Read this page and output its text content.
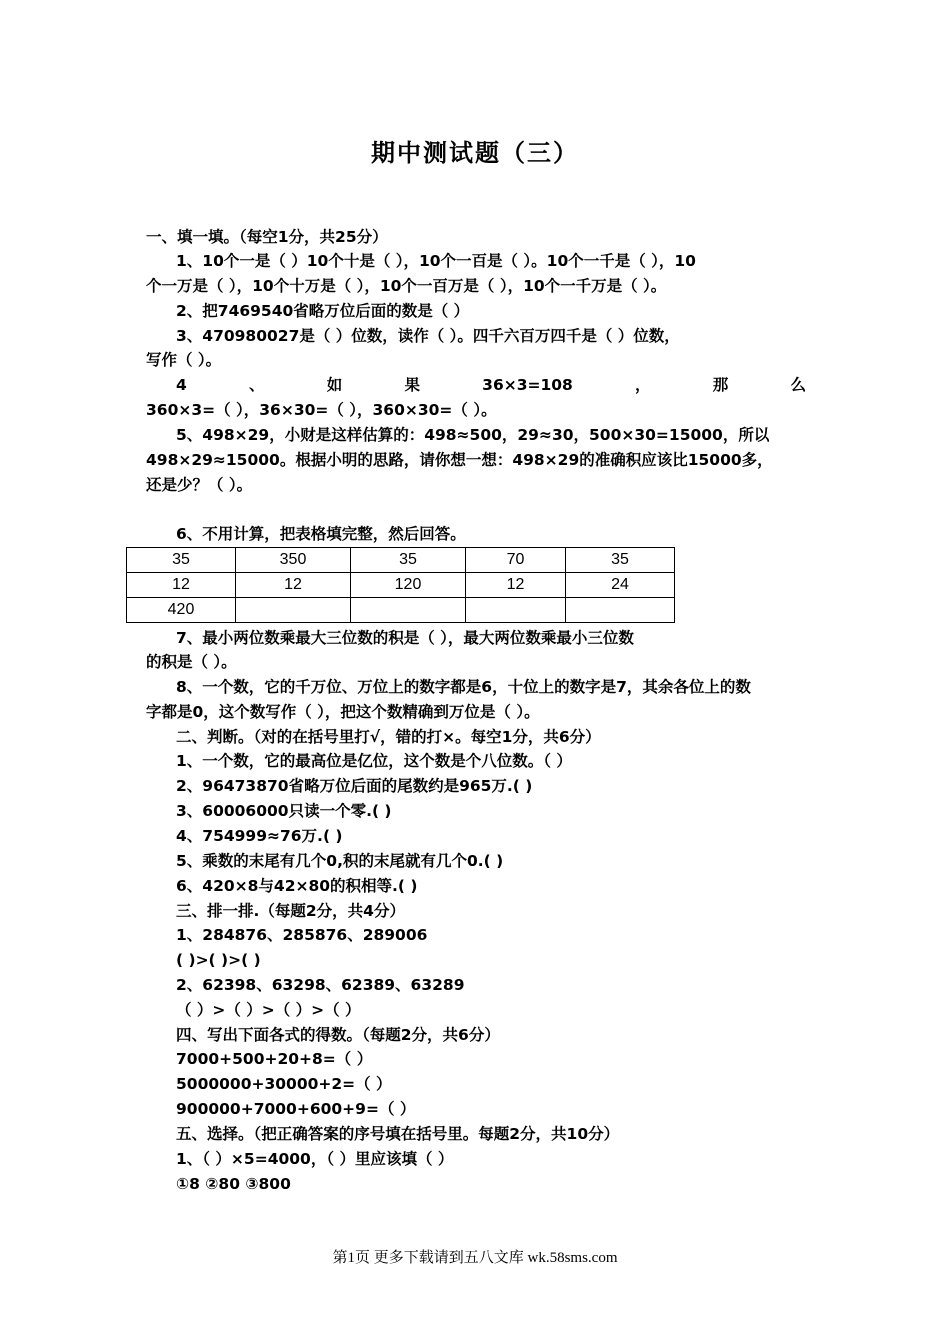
期中测试题（三）
一、填一填。（每空1分，共25分）
1、10个一是（ ）10个十是（ ），10个一百是（ ）。10个一千是（ ），10
个一万是（ ），10个十万是（ ），10个一百万是（ ），10个一千万是（ ）。
2、把7469540省略万位后面的数是（ ）
3、470980027是（ ）位数，读作（ ）。四千六百万四千是（ ）位数，
写作（ ）。
4	、	如	果	36×3=108	，	那	么
360×3=（ ），36×30=（ ），360×30=（ ）。
5、498×29，小财是这样估算的：498≈500，29≈30，500×30=15000，所以
498×29≈15000。根据小明的思路，请你想一想：498×29的准确积应该比15000多，
还是少？（ ）。
6、不用计算，把表格填完整，然后回答。
35	350	35	70	35
12	12	120	12	24
420				
7、最小两位数乘最大三位数的积是（ ），最大两位数乘最小三位数
的积是（ ）。
8、一个数，它的千万位、万位上的数字都是6，十位上的数字是7，其余各位上的数
字都是0，这个数写作（ ），把这个数精确到万位是（ ）。
二、判断。（对的在括号里打√，错的打×。每空1分，共6分）
1、一个数，它的最高位是亿位，这个数是个八位数。（ ）
2、96473870省略万位后面的尾数约是965万.( )
3、60006000只读一个零.( )
4、754999≈76万.( )
5、乘数的末尾有几个0,积的末尾就有几个0.( )
6、420×8与42×80的积相等.( )
三、排一排.（每题2分，共4分）
1、284876、285876、289006
( )>( )>( )
2、62398、63298、62389、63289
（ ）>（ ）>（ ）>（ ）
四、写出下面各式的得数。（每题2分，共6分）
7000+500+20+8=（ ）
5000000+30000+2=（ ）
900000+7000+600+9=（ ）
五、选择。（把正确答案的序号填在括号里。每题2分，共10分）
1、（ ）×5=4000，（ ）里应该填（ ）
①8 ②80 ③800
第1页 更多下载请到五八文库 wk.58sms.com
